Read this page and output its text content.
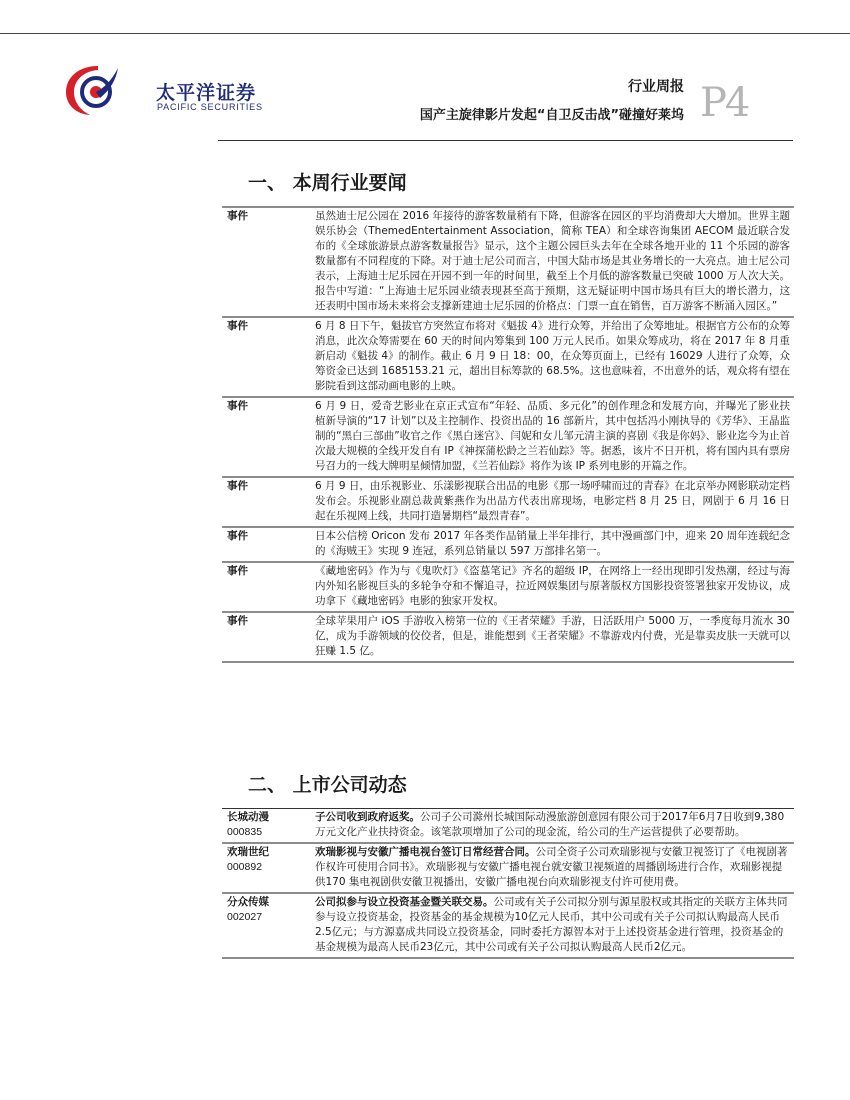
太平洋证券
PACIFIC SECURITIES
行业周报
国产主旋律影片发起“自卫反击战”碰撞好莱坞 P4
一、 本周行业要闻
事件	虽然迪士尼公园在 2016 年接待的游客数量稍有下降，但游客在园区的平均消费却大大增加。世界主题娱乐协会（ThemedEntertainment Association，简称 TEA）和全球咨询集团 AECOM 最近联合发布的《全球旅游景点游客数量报告》显示，这个主题公园巨头去年在全球各地开业的 11 个乐园的游客数量都有不同程度的下降。对于迪士尼公司而言，中国大陆市场是其业务增长的一大亮点。迪士尼公司表示，上海迪士尼乐园在开园不到一年的时间里，截至上个月低的游客数量已突破 1000 万人次大关。报告中写道：“上海迪士尼乐园业绩表现甚至高于预期，这无疑证明中国市场具有巨大的增长潜力，这还表明中国市场未来将会支撑新建迪士尼乐园的价格点：门票一直在销售，百万游客不断涌入园区。”
事件	6 月 8 日下午，魁拔官方突然宣布将对《魁拔 4》进行众筹，并给出了众筹地址。根据官方公布的众筹消息，此次众筹需要在 60 天的时间内筹集到 100 万元人民币。如果众筹成功，将在 2017 年 8 月重新启动《魁拔 4》的制作。截止 6 月 9 日 18：00，在众筹页面上，已经有 16029 人进行了众筹，众筹资金已达到 1685153.21 元，超出目标筹款的 68.5%。这也意味着，不出意外的话，观众将有望在影院看到这部动画电影的上映。
事件	6 月 9 日，爱奇艺影业在京正式宣布“年轻、品质、多元化”的创作理念和发展方向，并曝光了影业扶植新导演的“17 计划”以及主控制作、投资出品的 16 部新片，其中包括冯小刚执导的《芳华》、王晶监制的“黑白三部曲”收官之作《黑白迷宫》、闫妮和女儿邹元清主演的喜剧《我是你妈》、影业迄今为止首次最大规模的全线开发自有 IP《神探蒲松龄之兰若仙踪》等。据悉，该片不日开机，将有国内具有票房号召力的一线大牌明星倾情加盟，《兰若仙踪》将作为该 IP 系列电影的开篇之作。
事件	6 月 9 日，由乐视影业、乐漾影视联合出品的电影《那一场呼啸而过的青春》在北京举办网影联动定档发布会。乐视影业副总裁黄紫燕作为出品方代表出席现场，电影定档 8 月 25 日，网剧于 6 月 16 日起在乐视网上线，共同打造暑期档“最烈青春”。
事件	日本公信榜 Oricon 发布 2017 年各类作品销量上半年排行，其中漫画部门中，迎来 20 周年连载纪念的《海贼王》实现 9 连冠，系列总销量以 597 万部排名第一。
事件	《藏地密码》作为与《鬼吹灯》《盗墓笔记》齐名的超级 IP，在网络上一经出现即引发热潮，经过与海内外知名影视巨头的多轮争夺和不懈追寻，拉近网娱集团与原著版权方国影投资签署独家开发协议，成功拿下《藏地密码》电影的独家开发权。
事件	全球苹果用户 iOS 手游收入榜第一位的《王者荣耀》手游，日活跃用户 5000 万，一季度每月流水 30 亿，成为手游领域的佼佼者，但是，谁能想到《王者荣耀》不靠游戏内付费，光是靠卖皮肤一天就可以狂赚 1.5 亿。
二、 上市公司动态
长城动漫
000835	子公司收到政府返奖。公司子公司滁州长城国际动漫旅游创意园有限公司于2017年6月7日收到9,380万元文化产业扶持资金。该笔款项增加了公司的现金流，给公司的生产运营提供了必要帮助。

欢瑞世纪
000892	欢瑞影视与安徽广播电视台签订日常经营合同。公司全资子公司欢瑞影视与安徽卫视签订了《电视剧著作权许可使用合同书》。欢瑞影视与安徽广播电视台就安徽卫视频道的周播剧场进行合作，欢瑞影视提供170 集电视剧供安徽卫视播出，安徽广播电视台向欢瑞影视支付许可使用费。

分众传媒
002027	公司拟参与设立投资基金暨关联交易。公司或有关子公司拟分别与源星股权或其指定的关联方主体共同参与设立投资基金，投资基金的基金规模为10亿元人民币，其中公司或有关子公司拟认购最高人民币2.5亿元；与方源嘉成共同设立投资基金，同时委托方源智本对于上述投资基金进行管理，投资基金的基金规模为最高人民币23亿元，其中公司或有关子公司拟认购最高人民币2亿元。
